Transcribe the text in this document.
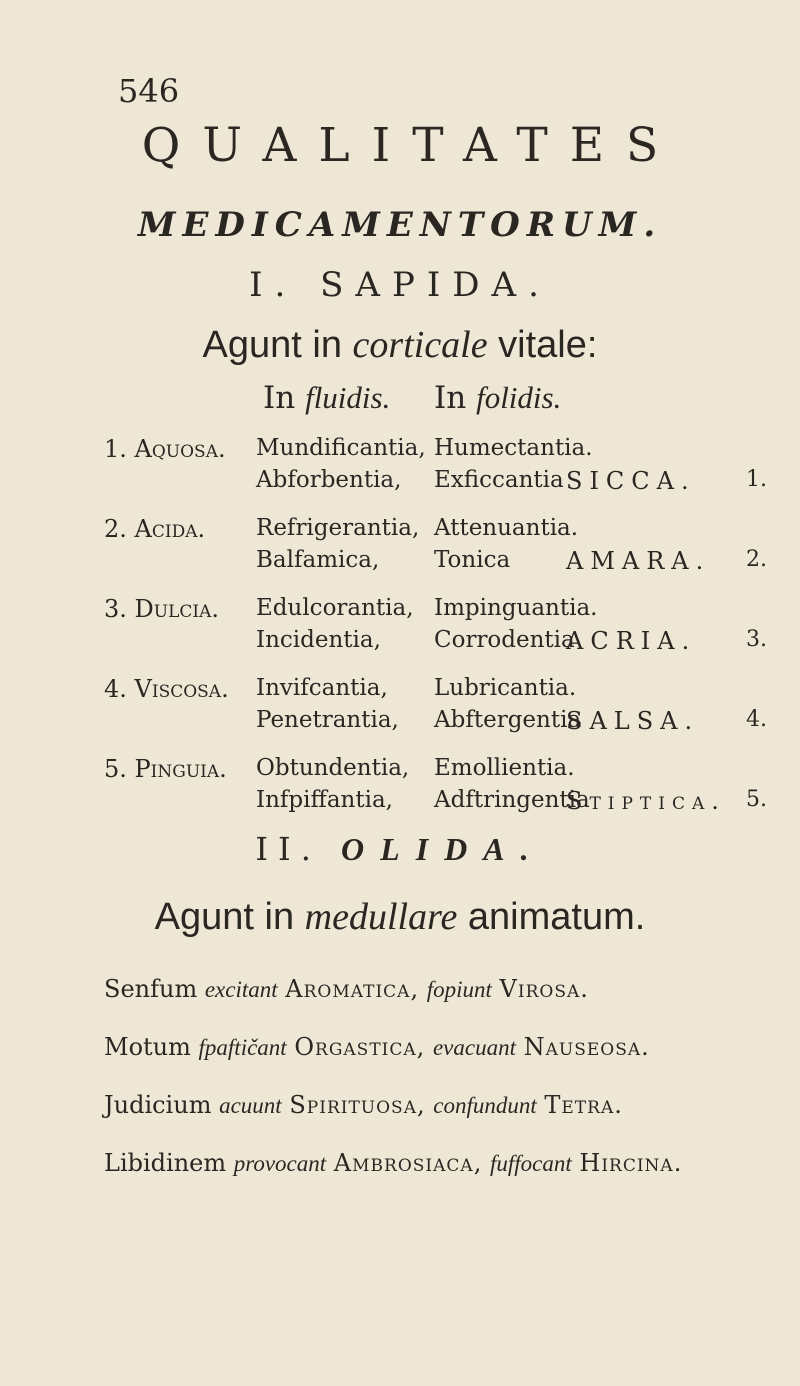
546
QUALITATES
MEDICAMENTORUM.
I. SAPIDA.
Agunt in corticale vitale:
In fluidis. In folidis.
1. Aquosa. Mundificantia, Humectantia.
Abforbentia, Exficcantia SICCA. 1.
2. Acida. Refrigerantia, Attenuantia.
Balfamica, Tonica AMARA. 2.
3. Dulcia. Edulcorantia, Impinguantia.
Incidentia, Corrodentia
ACRIA. 3.
4. Viscosa. Invifcantia, Lubricantia.
Penetrantia, Abftergentia
SALSA. 4.
5. Pinguia. Obtundentia, Emollientia.
Infpiffantia, Adftringentia
Stiptica. 5.
II. OLIDA.
Agunt in medullare animatum.
Senfum excitant Aromatica, fopiunt Virosa.
Motum fpaftičant Orgastica, evacuant Nauseosa.
Judicium acuunt Spirituosa, confundunt Tetra.
Libidinem provocant Ambrosiaca, fuffocant Hircina.
